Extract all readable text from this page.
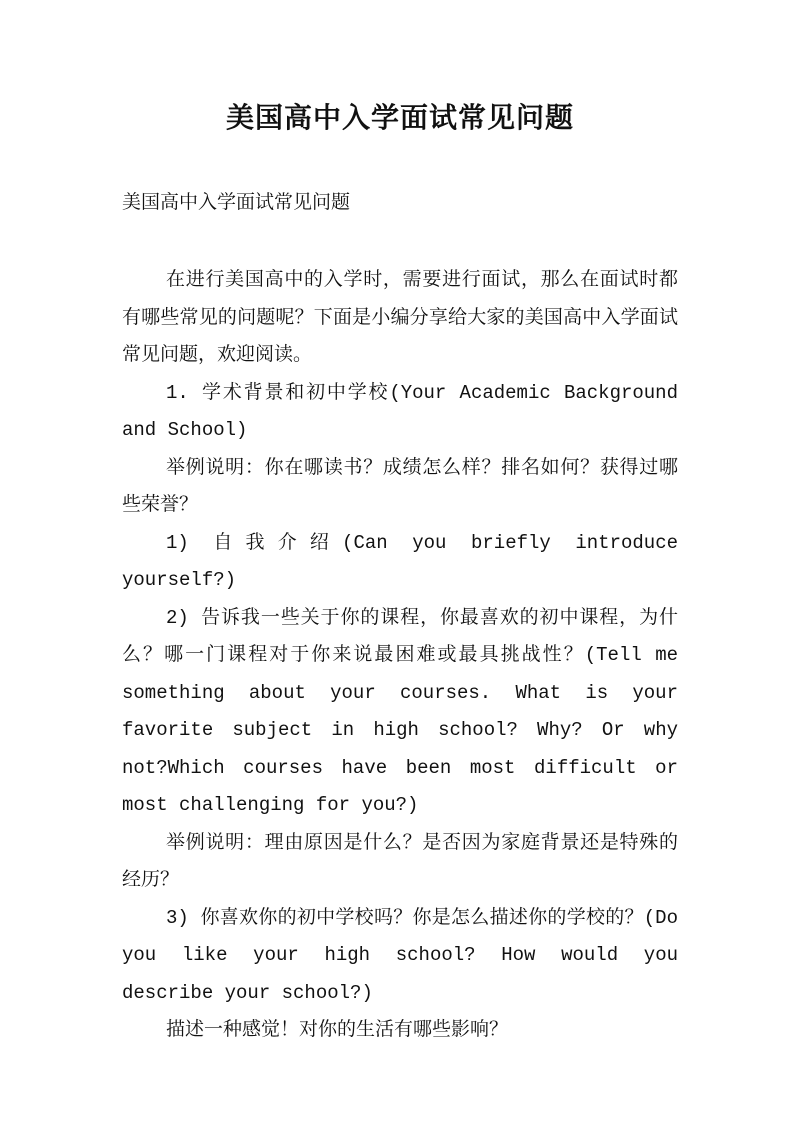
美国高中入学面试常见问题
美国高中入学面试常见问题

在进行美国高中的入学时，需要进行面试，那么在面试时都有哪些常见的问题呢？下面是小编分享给大家的美国高中入学面试常见问题，欢迎阅读。

1. 学术背景和初中学校(Your Academic Background and School)

举例说明：你在哪读书？成绩怎么样？排名如何？获得过哪些荣誉？

1) 自我介绍(Can you briefly introduce yourself?)

2) 告诉我一些关于你的课程，你最喜欢的初中课程，为什么？哪一门课程对于你来说最困难或最具挑战性？(Tell me something about your courses. What is your favorite subject in high school? Why? Or why not?Which courses have been most difficult or most challenging for you?)

举例说明：理由原因是什么？是否因为家庭背景还是特殊的经历？

3) 你喜欢你的初中学校吗？你是怎么描述你的学校的？(Do you like your high school? How would you describe your school?)

描述一种感觉！对你的生活有哪些影响？
